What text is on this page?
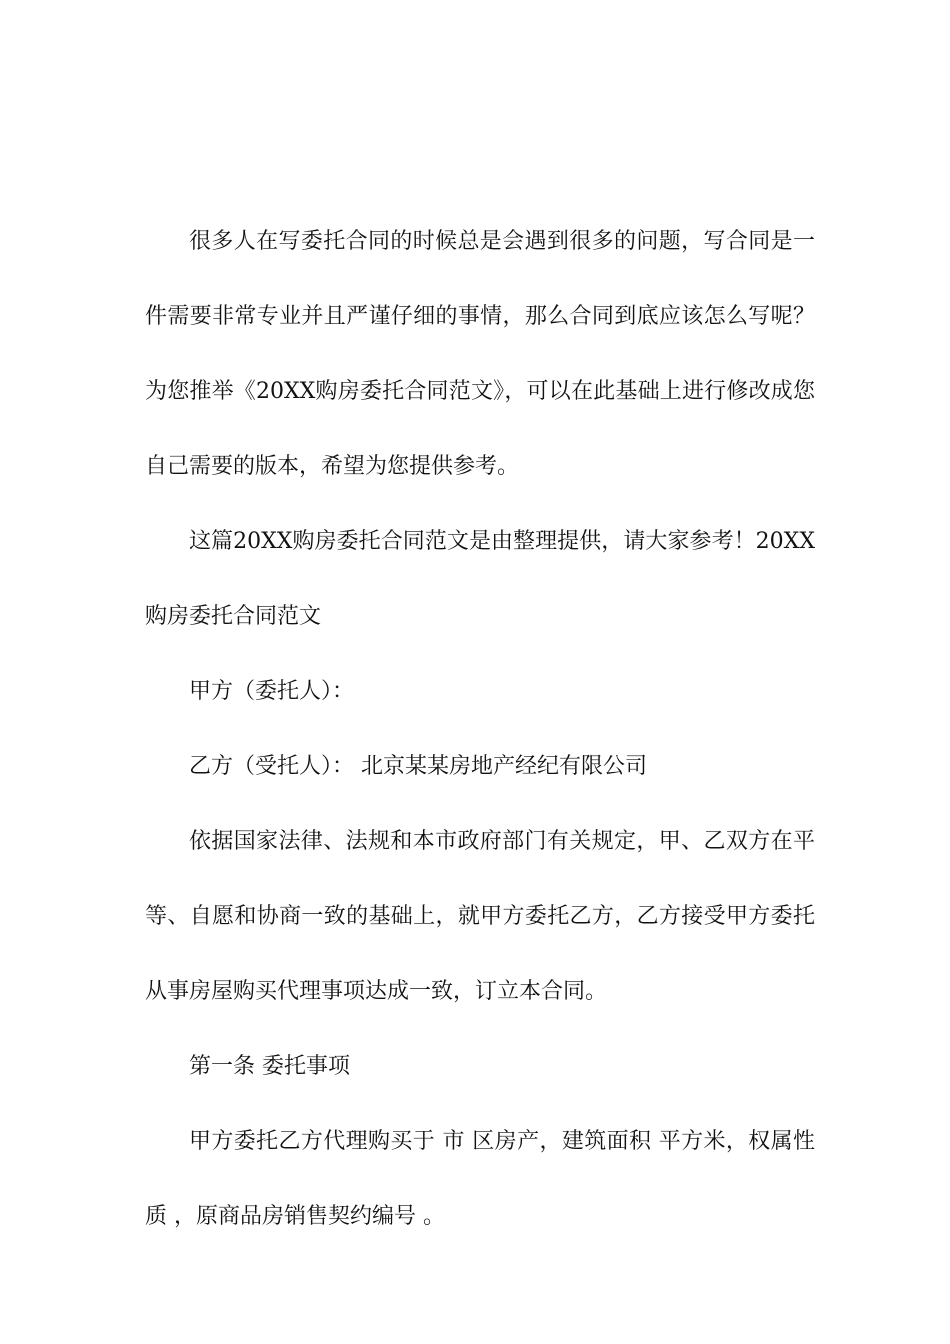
很多人在写委托合同的时候总是会遇到很多的问题，写合同是一件需要非常专业并且严谨仔细的事情，那么合同到底应该怎么写呢？为您推举《20XX购房委托合同范文》，可以在此基础上进行修改成您自己需要的版本，希望为您提供参考。

这篇20XX购房委托合同范文是由整理提供，请大家参考！20XX购房委托合同范文

甲方（委托人）：

乙方（受托人）： 北京某某房地产经纪有限公司

依据国家法律、法规和本市政府部门有关规定，甲、乙双方在平等、自愿和协商一致的基础上，就甲方委托乙方，乙方接受甲方委托从事房屋购买代理事项达成一致，订立本合同。

第一条 委托事项

甲方委托乙方代理购买于 市 区房产，建筑面积 平方米，权属性质 ，原商品房销售契约编号 。
